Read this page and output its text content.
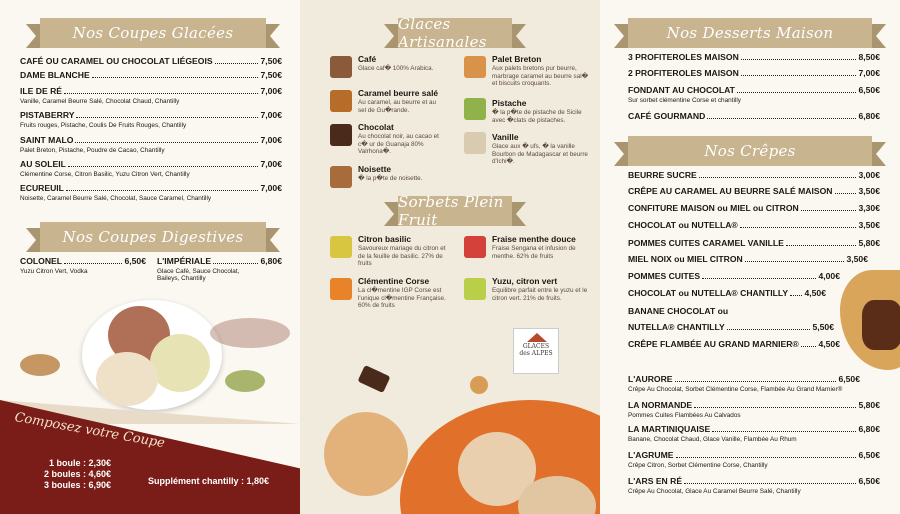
Nos Coupes Glacées
CAFÉ OU CARAMEL OU CHOCOLAT LIÉGEOIS	7,50€
DAME BLANCHE	7,50€
ILE DE RÉ	7,00€
Vanille, Caramel Beurre Salé, Chocolat Chaud, Chantilly
PISTABERRY	7,00€
Fruits rouges, Pistache, Coulis De Fruits Rouges, Chantilly
SAINT MALO	7,00€
Palet Breton, Pistache, Poudre de Cacao, Chantilly
AU SOLEIL	7,00€
Clémentine Corse, Citron Basilic, Yuzu Citron Vert, Chantilly
ECUREUIL	7,00€
Noisette, Caramel Beurre Salé, Chocolat, Sauce Caramel, Chantilly
Nos Coupes Digestives
COLONEL	6,50€
Yuzu Citron Vert, Vodka
L'IMPÉRIALE	6,80€
Glace Café, Sauce Chocolat, Baileys, Chantilly
Composez votre Coupe
1 boule : 2,30€
2 boules : 4,60€
3 boules : 6,90€	Supplément chantilly : 1,80€
Glaces Artisanales
Café
Glace caf� 100% Arabica.
Palet Breton
Aux palets bretons pur beurre, marbrage caramel au beurre sal� et biscuits croquants.
Caramel beurre salé
Au caramel, au beurre et au sel de Gu�rande.
Pistache
� la p�te de pistache de Sicile avec �clats de pistaches.
Chocolat
Au chocolat noir, au cacao et c� ur de Guanaja 80% Valrhona�.
Vanille
Glace aux � ufs, � la vanille Bourbon de Madagascar et beurre d'Ichi�.
Noisette
� la p�te de noisette.
Sorbets Plein Fruit
Citron basilic
Savoureux mariage du citron et de la feuille de basilic. 27% de fruits
Fraise menthe douce
Fraise Sengana et infusion de menthe. 62% de fruits
Clémentine Corse
La cl�mentine IGP Corse est l'unique cl�mentine Française. 60% de fruits
Yuzu, citron vert
Equilibre parfait entre le yuzu et le citron vert. 21% de fruits.
GLACES
des ALPES
Nos Desserts Maison
3 PROFITEROLES MAISON	8,50€
2 PROFITEROLES MAISON	7,00€
FONDANT AU CHOCOLAT	6,50€
Sur sorbet clémentine Corse et chantilly
CAFÉ GOURMAND	6,80€
Nos Crêpes
BEURRE SUCRE	3,00€
CRÊPE AU CARAMEL AU BEURRE SALÉ MAISON	3,50€
CONFITURE MAISON ou MIEL ou CITRON	3,30€
CHOCOLAT ou NUTELLA®	3,50€
POMMES CUITES CARAMEL VANILLE	5,80€
MIEL NOIX ou MIEL CITRON	3,50€
POMMES CUITES	4,00€
CHOCOLAT ou NUTELLA® CHANTILLY 4,50€
BANANE CHOCOLAT ou
NUTELLA® CHANTILLY	5,50€
CRÊPE FLAMBÉE AU GRAND MARNIER® 4,50€
L'AURORE	6,50€
Crêpe Au Chocolat, Sorbet Clémentine Corse, Flambée Au Grand Marnier®
LA NORMANDE	5,80€
Pommes Cuites Flambées Au Calvados
LA MARTINIQUAISE	6,80€
Banane, Chocolat Chaud, Glace Vanille, Flambée Au Rhum
L'AGRUME	6,50€
Crêpe Citron, Sorbet Clémentine Corse, Chantilly
L'ARS EN RÉ	6,50€
Crêpe Au Chocolat, Glace Au Caramel Beurre Salé, Chantilly
